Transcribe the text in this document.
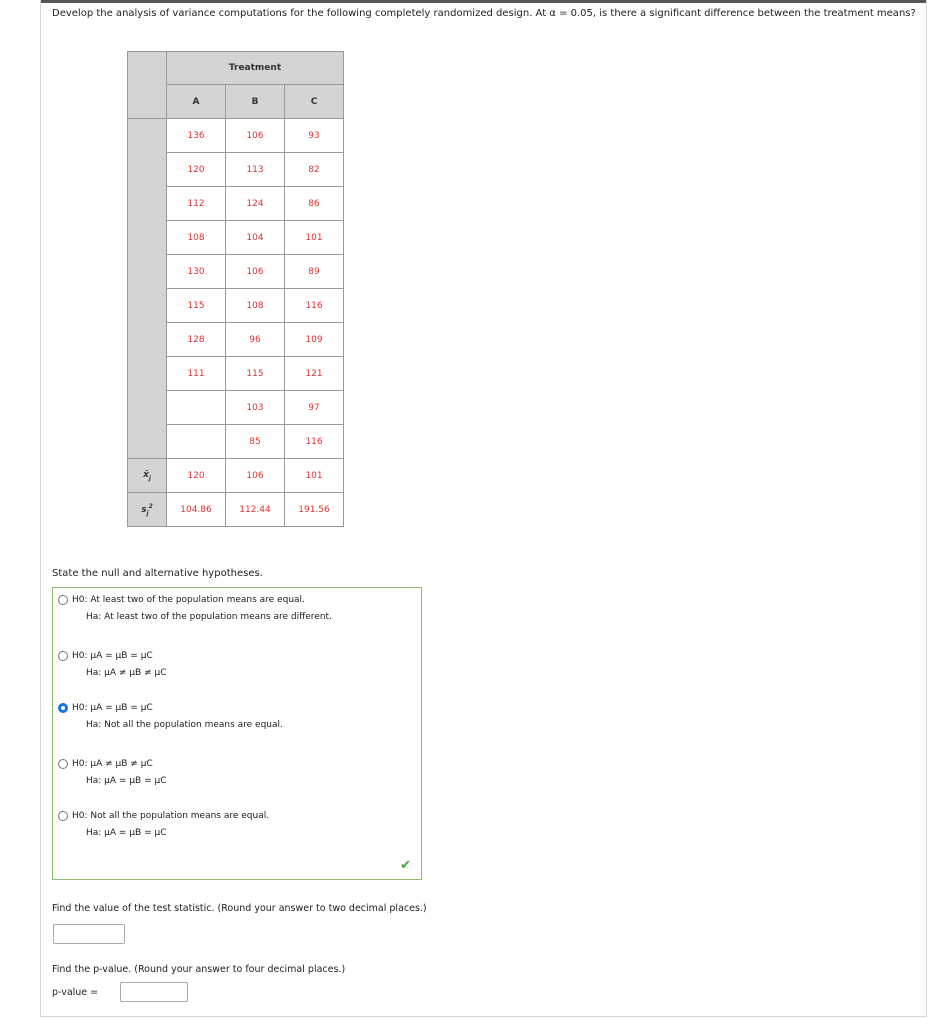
Develop the analysis of variance computations for the following completely randomized design. At α = 0.05, is there a significant difference between the treatment means?
	Treatment		
	A	B	C
	136	106	93
	120	113	82
	112	124	86
	108	104	101
	130	106	89
	115	108	116
	128	96	109
	111	115	121
		103	97
		85	116
$x̄_j$	120	106	101
$s_j^2$	104.86	112.44	191.56
State the null and alternative hypotheses.
H0: At least two of the population means are equal.
Ha: At least two of the population means are different.
H0: μA = μB = μC
Ha: μA ≠ μB ≠ μC
H0: μA = μB = μC
Ha: Not all the population means are equal.
H0: μA ≠ μB ≠ μC
Ha: μA = μB = μC
H0: Not all the population means are equal.
Ha: μA = μB = μC
✔
Find the value of the test statistic. (Round your answer to two decimal places.)
Find the p-value. (Round your answer to four decimal places.)
p-value =
